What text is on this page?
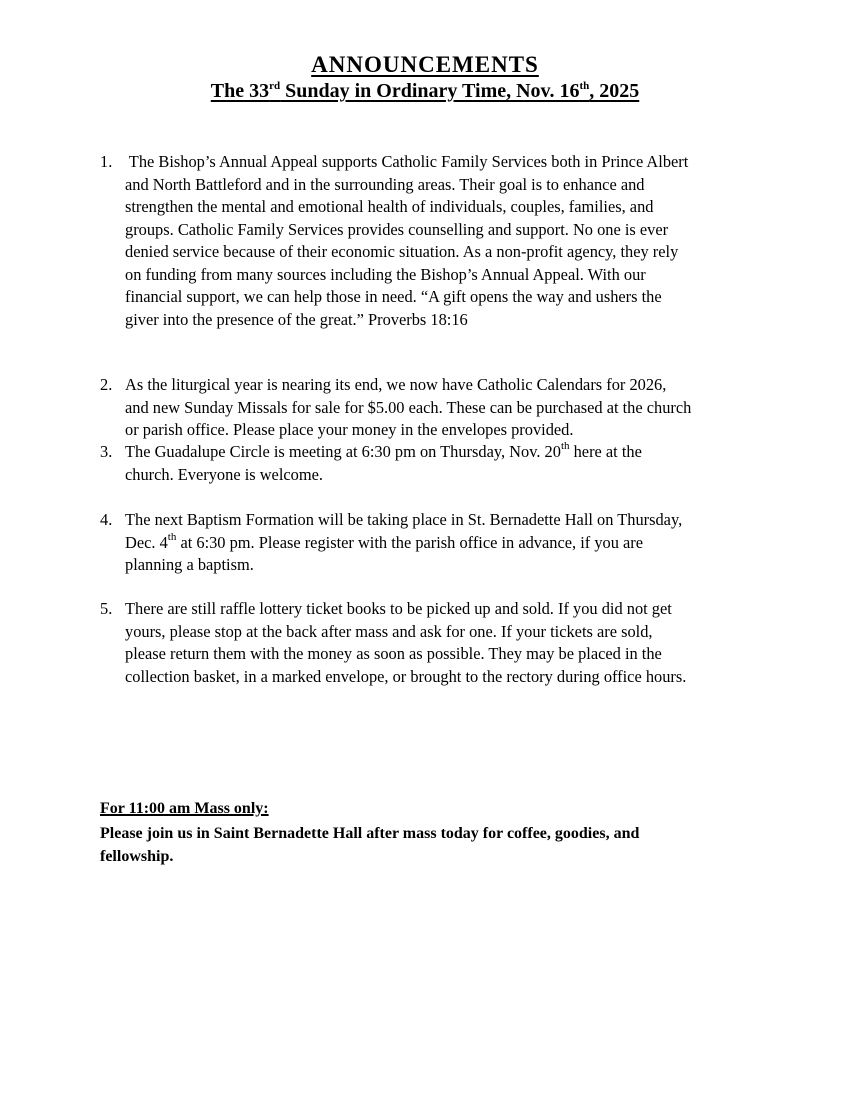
ANNOUNCEMENTS
The 33rd Sunday in Ordinary Time, Nov. 16th, 2025
1. The Bishop’s Annual Appeal supports Catholic Family Services both in Prince Albert
and North Battleford and in the surrounding areas. Their goal is to enhance and
strengthen the mental and emotional health of individuals, couples, families, and
groups. Catholic Family Services provides counselling and support. No one is ever
denied service because of their economic situation. As a non-profit agency, they rely
on funding from many sources including the Bishop’s Annual Appeal. With our
financial support, we can help those in need. “A gift opens the way and ushers the
giver into the presence of the great.” Proverbs 18:16
2. As the liturgical year is nearing its end, we now have Catholic Calendars for 2026,
and new Sunday Missals for sale for $5.00 each. These can be purchased at the church
or parish office. Please place your money in the envelopes provided.
3. The Guadalupe Circle is meeting at 6:30 pm on Thursday, Nov. 20th here at the
church. Everyone is welcome.
4. The next Baptism Formation will be taking place in St. Bernadette Hall on Thursday,
Dec. 4th at 6:30 pm. Please register with the parish office in advance, if you are
planning a baptism.
5. There are still raffle lottery ticket books to be picked up and sold. If you did not get
yours, please stop at the back after mass and ask for one. If your tickets are sold,
please return them with the money as soon as possible. They may be placed in the
collection basket, in a marked envelope, or brought to the rectory during office hours.
For 11:00 am Mass only:
Please join us in Saint Bernadette Hall after mass today for coffee, goodies, and
fellowship.
